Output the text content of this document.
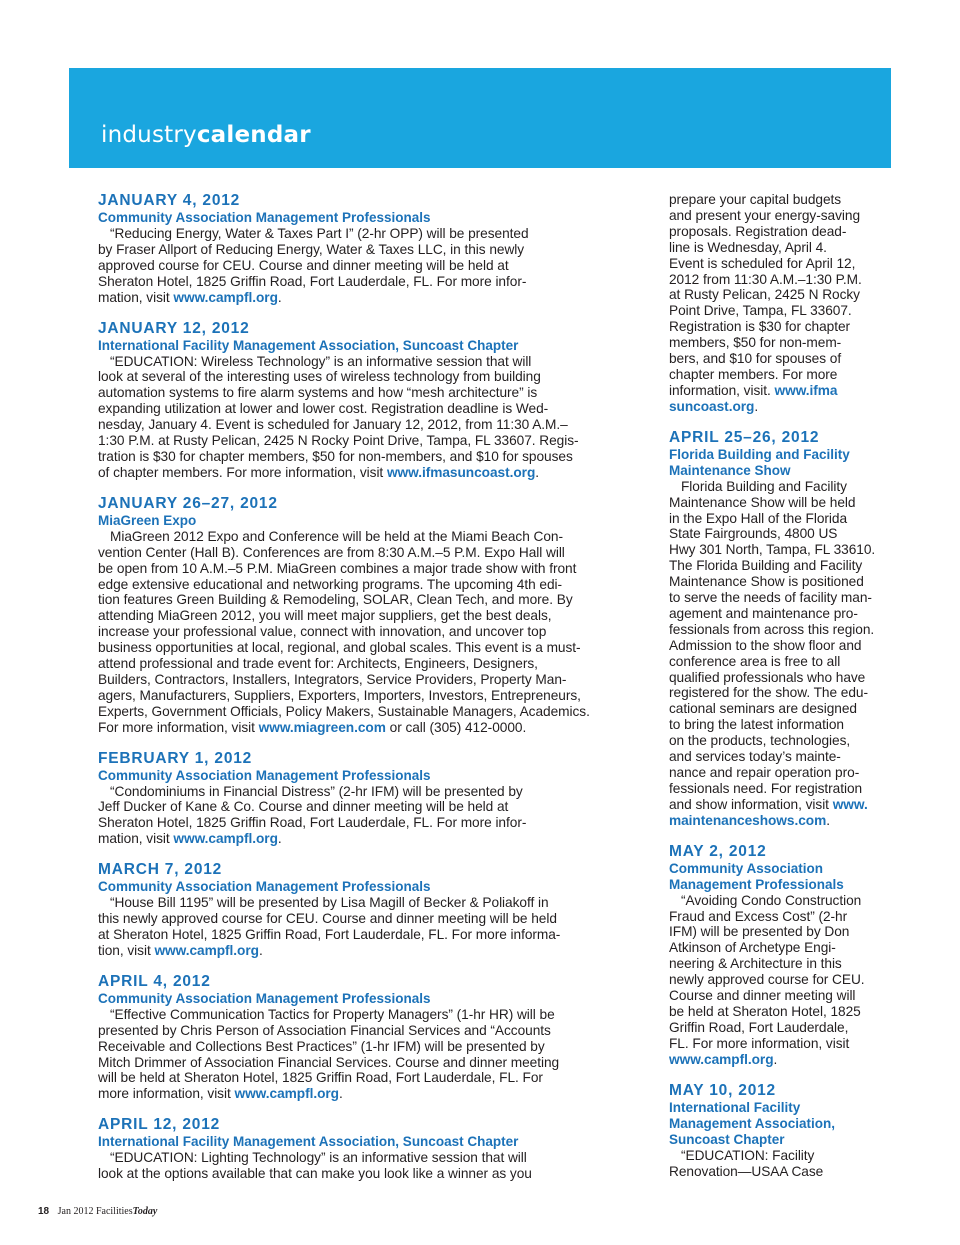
industrycalendar

JANUARY 4, 2012

Community Association Management Professionals

“Reducing Energy, Water & Taxes Part I” (2-hr OPP) will be presented
by Fraser Allport of Reducing Energy, Water & Taxes LLC, in this newly
approved course for CEU. Course and dinner meeting will be held at
Sheraton Hotel, 1825 Griffin Road, Fort Lauderdale, FL. For more infor-
mation, visit www.campfl.org.

JANUARY 12, 2012

International Facility Management Association, Suncoast Chapter

“EDUCATION: Wireless Technology” is an informative session that will
look at several of the interesting uses of wireless technology from building
automation systems to fire alarm systems and how “mesh architecture” is
expanding utilization at lower and lower cost. Registration deadline is Wed-
nesday, January 4. Event is scheduled for January 12, 2012, from 11:30 A.M.–
1:30 P.M. at Rusty Pelican, 2425 N Rocky Point Drive, Tampa, FL 33607. Regis-
tration is $30 for chapter members, $50 for non-members, and $10 for spouses
of chapter members. For more information, visit www.ifmasuncoast.org.

JANUARY 26–27, 2012

MiaGreen Expo

MiaGreen 2012 Expo and Conference will be held at the Miami Beach Con-
vention Center (Hall B). Conferences are from 8:30 A.M.–5 P.M. Expo Hall will
be open from 10 A.M.–5 P.M. MiaGreen combines a major trade show with front
edge extensive educational and networking programs. The upcoming 4th edi-
tion features Green Building & Remodeling, SOLAR, Clean Tech, and more. By
attending MiaGreen 2012, you will meet major suppliers, get the best deals,
increase your professional value, connect with innovation, and uncover top
business opportunities at local, regional, and global scales. This event is a must-
attend professional and trade event for: Architects, Engineers, Designers,
Builders, Contractors, Installers, Integrators, Service Providers, Property Man-
agers, Manufacturers, Suppliers, Exporters, Importers, Investors, Entrepreneurs,
Experts, Government Officials, Policy Makers, Sustainable Managers, Academics.
For more information, visit www.miagreen.com or call (305) 412-0000.

FEBRUARY 1, 2012

Community Association Management Professionals

“Condominiums in Financial Distress” (2-hr IFM) will be presented by
Jeff Ducker of Kane & Co. Course and dinner meeting will be held at
Sheraton Hotel, 1825 Griffin Road, Fort Lauderdale, FL. For more infor-
mation, visit www.campfl.org.

MARCH 7, 2012

Community Association Management Professionals

“House Bill 1195” will be presented by Lisa Magill of Becker & Poliakoff in
this newly approved course for CEU. Course and dinner meeting will be held
at Sheraton Hotel, 1825 Griffin Road, Fort Lauderdale, FL. For more informa-
tion, visit www.campfl.org.

APRIL 4, 2012

Community Association Management Professionals

“Effective Communication Tactics for Property Managers” (1-hr HR) will be
presented by Chris Person of Association Financial Services and “Accounts
Receivable and Collections Best Practices” (1-hr IFM) will be presented by
Mitch Drimmer of Association Financial Services. Course and dinner meeting
will be held at Sheraton Hotel, 1825 Griffin Road, Fort Lauderdale, FL. For
more information, visit www.campfl.org.

APRIL 12, 2012

International Facility Management Association, Suncoast Chapter

“EDUCATION: Lighting Technology” is an informative session that will
look at the options available that can make you look like a winner as you

prepare your capital budgets
and present your energy-saving
proposals. Registration dead-
line is Wednesday, April 4.
Event is scheduled for April 12,
2012 from 11:30 A.M.–1:30 P.M.
at Rusty Pelican, 2425 N Rocky
Point Drive, Tampa, FL 33607.
Registration is $30 for chapter
members, $50 for non-mem-
bers, and $10 for spouses of
chapter members. For more
information, visit. www.ifma
suncoast.org.

APRIL 25–26, 2012

Florida Building and Facility
Maintenance Show

Florida Building and Facility
Maintenance Show will be held
in the Expo Hall of the Florida
State Fairgrounds, 4800 US
Hwy 301 North, Tampa, FL 33610.
The Florida Building and Facility
Maintenance Show is positioned
to serve the needs of facility man-
agement and maintenance pro-
fessionals from across this region.
Admission to the show floor and
conference area is free to all
qualified professionals who have
registered for the show. The edu-
cational seminars are designed
to bring the latest information
on the products, technologies,
and services today’s mainte-
nance and repair operation pro-
fessionals need. For registration
and show information, visit www.
maintenanceshows.com.

MAY 2, 2012

Community Association
Management Professionals

“Avoiding Condo Construction
Fraud and Excess Cost” (2-hr
IFM) will be presented by Don
Atkinson of Archetype Engi-
neering & Architecture in this
newly approved course for CEU.
Course and dinner meeting will
be held at Sheraton Hotel, 1825
Griffin Road, Fort Lauderdale,
FL. For more information, visit
www.campfl.org.

MAY 10, 2012

International Facility
Management Association,
Suncoast Chapter

“EDUCATION: Facility
Renovation—USAA Case

18 Jan 2012 FacilitiesToday
